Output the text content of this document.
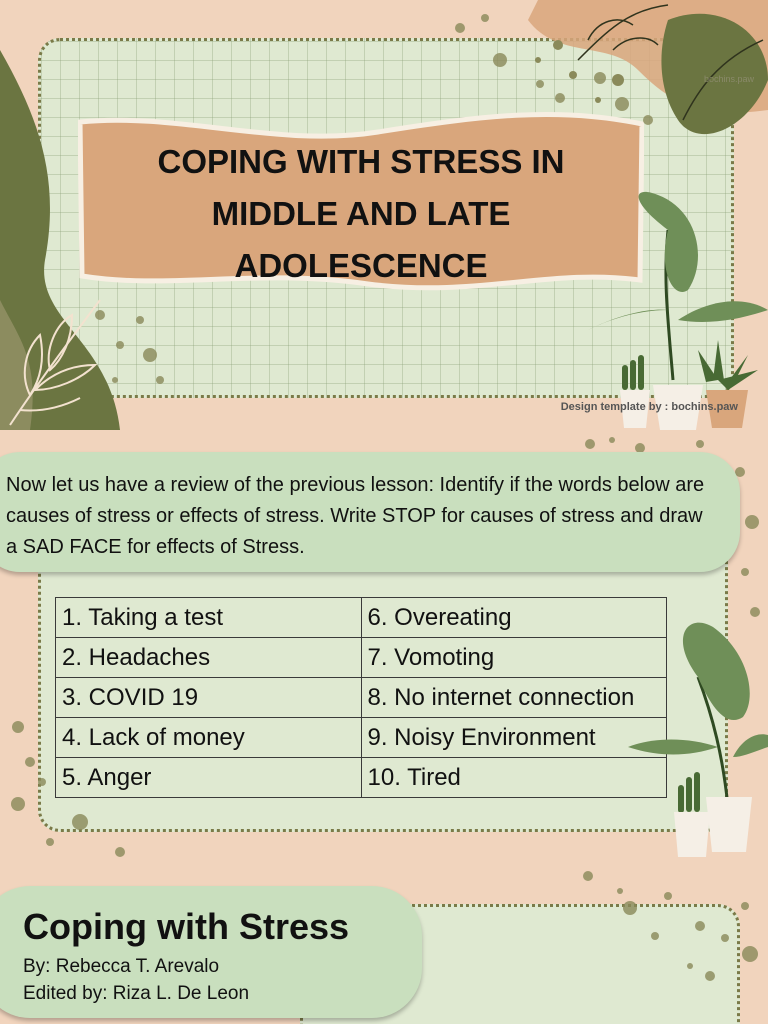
COPING WITH STRESS IN
MIDDLE AND LATE
ADOLESCENCE
bochins.paw
Design template by : bochins.paw
Now let us have a review of the previous lesson: Identify if the words below are causes of stress or effects of stress. Write STOP for causes of stress and draw a SAD FACE for effects of Stress.
1. Taking a test	6. Overeating
2. Headaches	7. Vomoting
3. COVID 19	8. No internet connection
4. Lack of money	9. Noisy Environment
5. Anger	10. Tired
Coping with Stress
By: Rebecca T. Arevalo
Edited by: Riza L. De Leon
